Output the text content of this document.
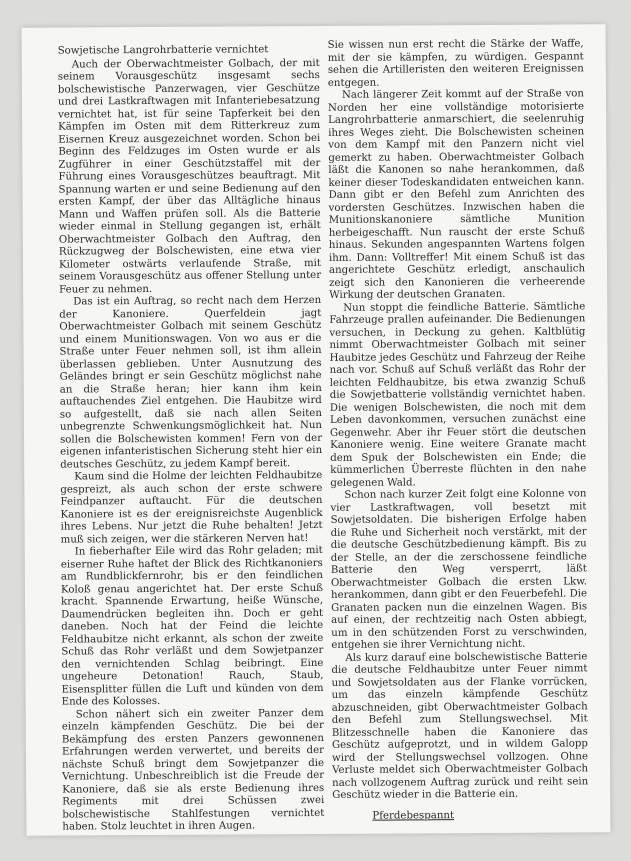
Sowjetische Langrohrbatterie vernichtet

Auch der Oberwachtmeister Golbach, der mit seinem Vorausgeschütz insgesamt sechs bolschewistische Panzerwagen, vier Geschütze und drei Lastkraftwagen mit Infanteriebesatzung vernichtet hat, ist für seine Tapferkeit bei den Kämpfen im Osten mit dem Ritterkreuz zum Eisernen Kreuz ausgezeichnet worden. Schon bei Beginn des Feldzuges im Osten wurde er als Zugführer in einer Geschützstaffel mit der Führung eines Vorausgeschützes beauftragt. Mit Spannung warten er und seine Bedienung auf den ersten Kampf, der über das Alltägliche hinaus Mann und Waffen prüfen soll. Als die Batterie wieder einmal in Stellung gegangen ist, erhält Oberwachtmeister Golbach den Auftrag, den Rückzugweg der Bolschewisten, eine etwa vier Kilometer ostwärts verlaufende Straße, mit seinem Vorausgeschütz aus offener Stellung unter Feuer zu nehmen.

Das ist ein Auftrag, so recht nach dem Herzen der Kanoniere. Querfeldein jagt Oberwachtmeister Golbach mit seinem Geschütz und einem Munitionswagen. Von wo aus er die Straße unter Feuer nehmen soll, ist ihm allein überlassen geblieben. Unter Ausnutzung des Geländes bringt er sein Geschütz möglichst nahe an die Straße heran; hier kann ihm kein auftauchendes Ziel entgehen. Die Haubitze wird so aufgestellt, daß sie nach allen Seiten unbegrenzte Schwenkungsmöglichkeit hat. Nun sollen die Bolschewisten kommen! Fern von der eigenen infanteristischen Sicherung steht hier ein deutsches Geschütz, zu jedem Kampf bereit.

Kaum sind die Holme der leichten Feldhaubitze gespreizt, als auch schon der erste schwere Feindpanzer auftaucht. Für die deutschen Kanoniere ist es der ereignisreichste Augenblick ihres Lebens. Nur jetzt die Ruhe behalten! Jetzt muß sich zeigen, wer die stärkeren Nerven hat!

In fieberhafter Eile wird das Rohr geladen; mit eiserner Ruhe haftet der Blick des Richtkanoniers am Rundblickfernrohr, bis er den feindlichen Koloß genau angerichtet hat. Der erste Schuß kracht. Spannende Erwartung, heiße Wünsche, Daumendrücken begleiten ihn. Doch er geht daneben. Noch hat der Feind die leichte Feldhaubitze nicht erkannt, als schon der zweite Schuß das Rohr verläßt und dem Sowjetpanzer den vernichtenden Schlag beibringt. Eine ungeheure Detonation! Rauch, Staub, Eisensplitter füllen die Luft und künden von dem Ende des Kolosses.

Schon nähert sich ein zweiter Panzer dem einzeln kämpfenden Geschütz. Die bei der Bekämpfung des ersten Panzers gewonnenen Erfahrungen werden verwertet, und bereits der nächste Schuß bringt dem Sowjetpanzer die Vernichtung. Unbeschreiblich ist die Freude der Kanoniere, daß sie als erste Bedienung ihres Regiments mit drei Schüssen zwei bolschewistische Stahlfestungen vernichtet haben. Stolz leuchtet in ihren Augen.

Sie wissen nun erst recht die Stärke der Waffe, mit der sie kämpfen, zu würdigen. Gespannt sehen die Artilleristen den weiteren Ereignissen entgegen.

Nach längerer Zeit kommt auf der Straße von Norden her eine vollständige motorisierte Langrohrbatterie anmarschiert, die seelenruhig ihres Weges zieht. Die Bolschewisten scheinen von dem Kampf mit den Panzern nicht viel gemerkt zu haben. Oberwachtmeister Golbach läßt die Kanonen so nahe herankommen, daß keiner dieser Todeskandidaten entweichen kann. Dann gibt er den Befehl zum Anrichten des vordersten Geschützes. Inzwischen haben die Munitionskanoniere sämtliche Munition herbeigeschafft. Nun rauscht der erste Schuß hinaus. Sekunden angespannten Wartens folgen ihm. Dann: Volltreffer! Mit einem Schuß ist das angerichtete Geschütz erledigt, anschaulich zeigt sich den Kanonieren die verheerende Wirkung der deutschen Granaten.

Nun stoppt die feindliche Batterie. Sämtliche Fahrzeuge prallen aufeinander. Die Bedienungen versuchen, in Deckung zu gehen. Kaltblütig nimmt Oberwachtmeister Golbach mit seiner Haubitze jedes Geschütz und Fahrzeug der Reihe nach vor. Schuß auf Schuß verläßt das Rohr der leichten Feldhaubitze, bis etwa zwanzig Schuß die Sowjetbatterie vollständig vernichtet haben. Die wenigen Bolschewisten, die noch mit dem Leben davonkommen, versuchen zunächst eine Gegenwehr. Aber ihr Feuer stört die deutschen Kanoniere wenig. Eine weitere Granate macht dem Spuk der Bolschewisten ein Ende; die kümmerlichen Überreste flüchten in den nahe gelegenen Wald.

Schon nach kurzer Zeit folgt eine Kolonne von vier Lastkraftwagen, voll besetzt mit Sowjetsoldaten. Die bisherigen Erfolge haben die Ruhe und Sicherheit noch verstärkt, mit der die deutsche Geschützbedienung kämpft. Bis zu der Stelle, an der die zerschossene feindliche Batterie den Weg versperrt, läßt Oberwachtmeister Golbach die ersten Lkw. herankommen, dann gibt er den Feuerbefehl. Die Granaten packen nun die einzelnen Wagen. Bis auf einen, der rechtzeitig nach Osten abbiegt, um in den schützenden Forst zu verschwinden, entgehen sie ihrer Vernichtung nicht.

Als kurz darauf eine bolschewistische Batterie die deutsche Feldhaubitze unter Feuer nimmt und Sowjetsoldaten aus der Flanke vorrücken, um das einzeln kämpfende Geschütz abzuschneiden, gibt Oberwachtmeister Golbach den Befehl zum Stellungswechsel. Mit Blitzesschnelle haben die Kanoniere das Geschütz aufgeprotzt, und in wildem Galopp wird der Stellungswechsel vollzogen. Ohne Verluste meldet sich Oberwachtmeister Golbach nach vollzogenem Auftrag zurück und reiht sein Geschütz wieder in die Batterie ein.

Pferdebespannt
